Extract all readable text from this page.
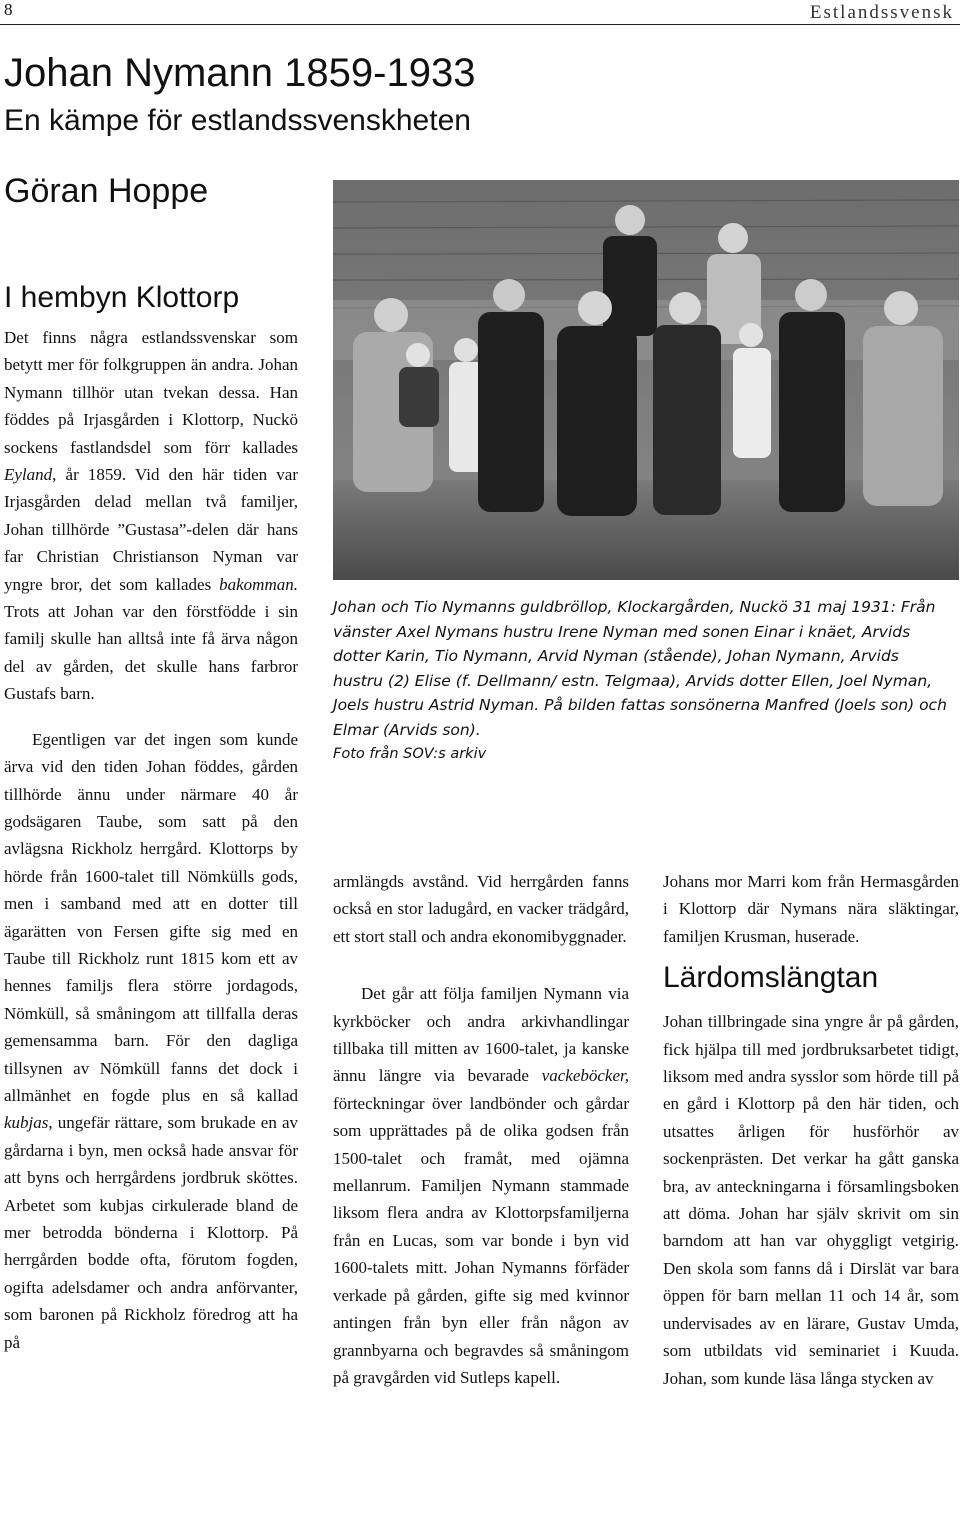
8	Estlandssvensk
Johan Nymann 1859-1933
En kämpe för estlandssvenskheten
Göran Hoppe
I hembyn Klottorp

Det finns några estlandssvenskar som betytt mer för folkgruppen än andra. Johan Nymann tillhör utan tvekan dessa. Han föddes på Irjasgården i Klottorp, Nuckö sockens fastlandsdel som förr kallades Eyland, år 1859. Vid den här tiden var Irjasgården delad mellan två familjer, Johan tillhörde ”Gustasa”-delen där hans far Christian Christianson Nyman var yngre bror, det som kallades bakomman. Trots att Johan var den förstfödde i sin familj skulle han alltså inte få ärva någon del av gården, det skulle hans farbror Gustafs barn.

Egentligen var det ingen som kunde ärva vid den tiden Johan föddes, gården tillhörde ännu under närmare 40 år godsägaren Taube, som satt på den avlägsna Rickholz herrgård. Klottorps by hörde från 1600-talet till Nömkülls gods, men i samband med att en dotter till ägarätten von Fersen gifte sig med en Taube till Rickholz runt 1815 kom ett av hennes familjs flera större jordagods, Nömküll, så småningom att tillfalla deras gemensamma barn. För den dagliga tillsynen av Nömküll fanns det dock i allmänhet en fogde plus en så kallad kubjas, ungefär rättare, som brukade en av gårdarna i byn, men också hade ansvar för att byns och herrgårdens jordbruk sköttes. Arbetet som kubjas cirkulerade bland de mer betrodda bönderna i Klottorp. På herrgården bodde ofta, förutom fogden, ogifta adelsdamer och andra anförvanter, som baronen på Rickholz föredrog att ha på

Johan och Tio Nymanns guldbröllop, Klockargården, Nuckö 31 maj 1931: Från vänster Axel Nymans hustru Irene Nyman med sonen Einar i knäet, Arvids dotter Karin, Tio Nymann, Arvid Nyman (stående), Johan Nymann, Arvids hustru (2) Elise (f. Dellmann/ estn. Telgmaa), Arvids dotter Ellen, Joel Nyman, Joels hustru Astrid Nyman. På bilden fattas sonsönerna Manfred (Joels son) och Elmar (Arvids son).
Foto från SOV:s arkiv

armlängds avstånd. Vid herrgården fanns också en stor ladugård, en vacker trädgård, ett stort stall och andra ekonomibyggnader.

Det går att följa familjen Nymann via kyrkböcker och andra arkivhandlingar tillbaka till mitten av 1600-talet, ja kanske ännu längre via bevarade vackeböcker, förteckningar över landbönder och gårdar som upprättades på de olika godsen från 1500-talet och framåt, med ojämna mellanrum. Familjen Nymann stammade liksom flera andra av Klottorpsfamiljerna från en Lucas, som var bonde i byn vid 1600-talets mitt. Johan Nymanns förfäder verkade på gården, gifte sig med kvinnor antingen från byn eller från någon av grannbyarna och begravdes så småningom på gravgården vid Sutleps kapell.

Johans mor Marri kom från Hermasgården i Klottorp där Nymans nära släktingar, familjen Krusman, huserade.

Lärdomslängtan

Johan tillbringade sina yngre år på gården, fick hjälpa till med jordbruksarbetet tidigt, liksom med andra sysslor som hörde till på en gård i Klottorp på den här tiden, och utsattes årligen för husförhör av sockenprästen. Det verkar ha gått ganska bra, av anteckningarna i församlingsboken att döma. Johan har själv skrivit om sin barndom att han var ohyggligt vetgirig. Den skola som fanns då i Dirslät var bara öppen för barn mellan 11 och 14 år, som undervisades av en lärare, Gustav Umda, som utbildats vid seminariet i Kuuda. Johan, som kunde läsa långa stycken av
